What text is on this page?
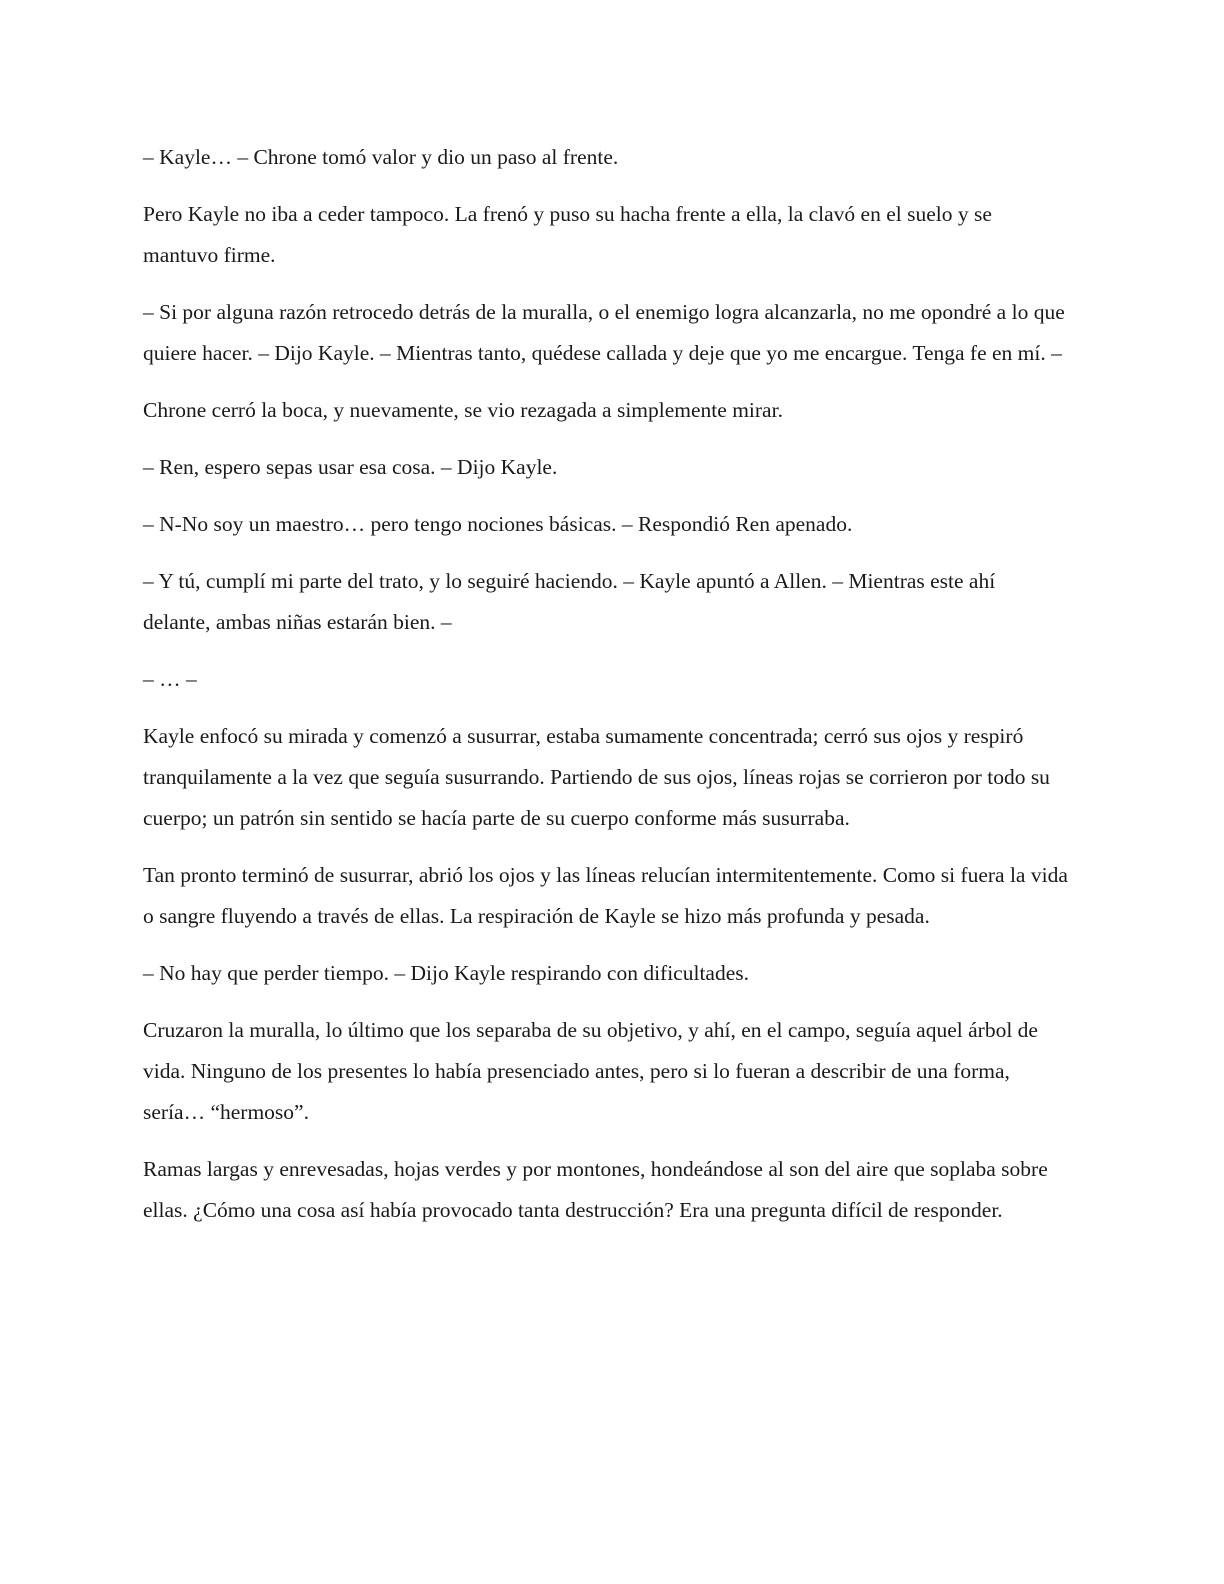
– Kayle… – Chrone tomó valor y dio un paso al frente.

Pero Kayle no iba a ceder tampoco. La frenó y puso su hacha frente a ella, la clavó en el suelo y se mantuvo firme.

– Si por alguna razón retrocedo detrás de la muralla, o el enemigo logra alcanzarla, no me opondré a lo que quiere hacer. – Dijo Kayle. – Mientras tanto, quédese callada y deje que yo me encargue. Tenga fe en mí. –

Chrone cerró la boca, y nuevamente, se vio rezagada a simplemente mirar.

– Ren, espero sepas usar esa cosa. – Dijo Kayle.

– N-No soy un maestro… pero tengo nociones básicas. – Respondió Ren apenado.

– Y tú, cumplí mi parte del trato, y lo seguiré haciendo. – Kayle apuntó a Allen. – Mientras este ahí delante, ambas niñas estarán bien. –

– … –

Kayle enfocó su mirada y comenzó a susurrar, estaba sumamente concentrada; cerró sus ojos y respiró tranquilamente a la vez que seguía susurrando. Partiendo de sus ojos, líneas rojas se corrieron por todo su cuerpo; un patrón sin sentido se hacía parte de su cuerpo conforme más susurraba.

Tan pronto terminó de susurrar, abrió los ojos y las líneas relucían intermitentemente. Como si fuera la vida o sangre fluyendo a través de ellas. La respiración de Kayle se hizo más profunda y pesada.

– No hay que perder tiempo. – Dijo Kayle respirando con dificultades.

Cruzaron la muralla, lo último que los separaba de su objetivo, y ahí, en el campo, seguía aquel árbol de vida. Ninguno de los presentes lo había presenciado antes, pero si lo fueran a describir de una forma, sería… “hermoso”.

Ramas largas y enrevesadas, hojas verdes y por montones, hondeándose al son del aire que soplaba sobre ellas. ¿Cómo una cosa así había provocado tanta destrucción? Era una pregunta difícil de responder.
